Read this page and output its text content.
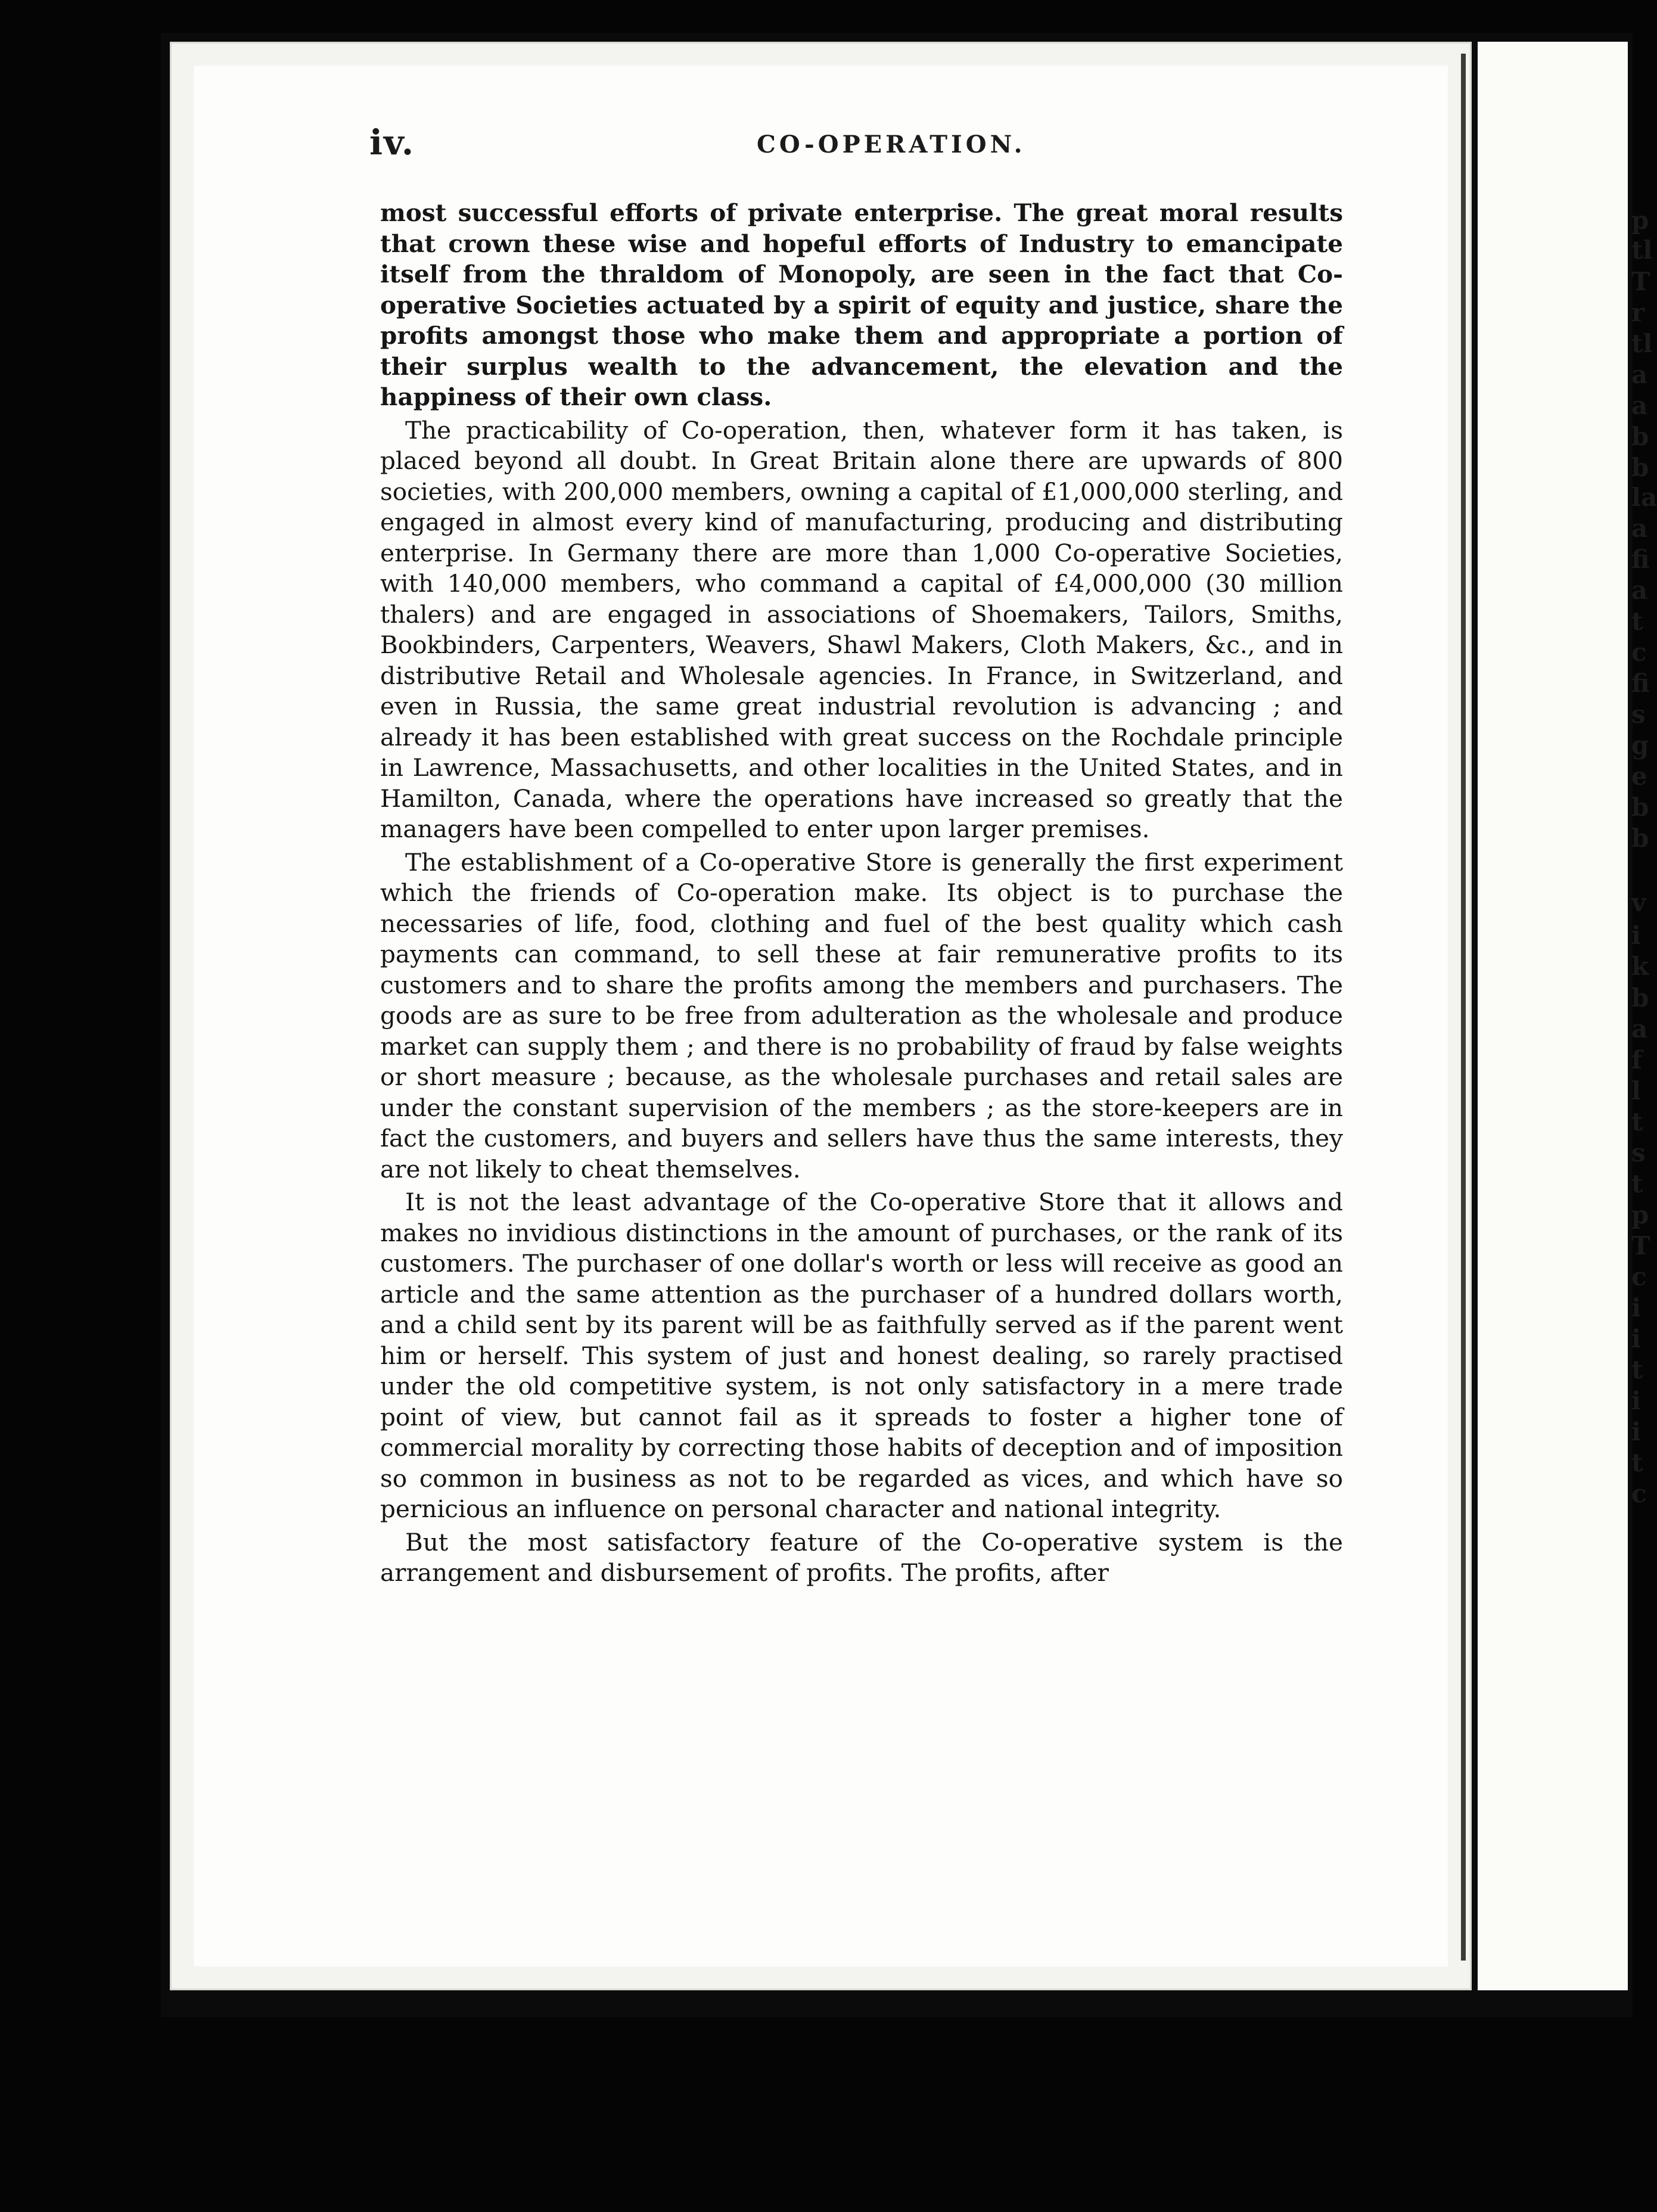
iv.	CO-OPERATION.

most successful efforts of private enterprise. The great moral results that crown these wise and hopeful efforts of Industry to emancipate itself from the thraldom of Monopoly, are seen in the fact that Co-operative Societies actuated by a spirit of equity and justice, share the profits amongst those who make them and appropriate a portion of their surplus wealth to the advancement, the elevation and the happiness of their own class.

The practicability of Co-operation, then, whatever form it has taken, is placed beyond all doubt. In Great Britain alone there are upwards of 800 societies, with 200,000 members, owning a capital of £1,000,000 sterling, and engaged in almost every kind of manufacturing, producing and distributing enterprise. In Germany there are more than 1,000 Co-operative Societies, with 140,000 members, who command a capital of £4,000,000 (30 million thalers) and are engaged in associations of Shoemakers, Tailors, Smiths, Bookbinders, Carpenters, Weavers, Shawl Makers, Cloth Makers, &c., and in distributive Retail and Wholesale agencies. In France, in Switzerland, and even in Russia, the same great industrial revolution is advancing ; and already it has been established with great success on the Rochdale principle in Lawrence, Massachusetts, and other localities in the United States, and in Hamilton, Canada, where the operations have increased so greatly that the managers have been compelled to enter upon larger premises.

The establishment of a Co-operative Store is generally the first experiment which the friends of Co-operation make. Its object is to purchase the necessaries of life, food, clothing and fuel of the best quality which cash payments can command, to sell these at fair remunerative profits to its customers and to share the profits among the members and purchasers. The goods are as sure to be free from adulteration as the wholesale and produce market can supply them ; and there is no probability of fraud by false weights or short measure ; because, as the wholesale purchases and retail sales are under the constant supervision of the members ; as the store-keepers are in fact the customers, and buyers and sellers have thus the same interests, they are not likely to cheat themselves.

It is not the least advantage of the Co-operative Store that it allows and makes no invidious distinctions in the amount of purchases, or the rank of its customers. The purchaser of one dollar's worth or less will receive as good an article and the same attention as the purchaser of a hundred dollars worth, and a child sent by its parent will be as faithfully served as if the parent went him or herself. This system of just and honest dealing, so rarely practised under the old competitive system, is not only satisfactory in a mere trade point of view, but cannot fail as it spreads to foster a higher tone of commercial morality by correcting those habits of deception and of imposition so common in business as not to be regarded as vices, and which have so pernicious an influence on personal character and national integrity.

But the most satisfactory feature of the Co-operative system is the arrangement and disbursement of profits. The profits, after

p
tl
T
r
tl
a
a
b
b
la
a
fi
a
t
c
fi
s
g
e
b
b
v
i
k
b
a
f
l
t
s
t
p
T
c
i
i
t
i
i
t
c
